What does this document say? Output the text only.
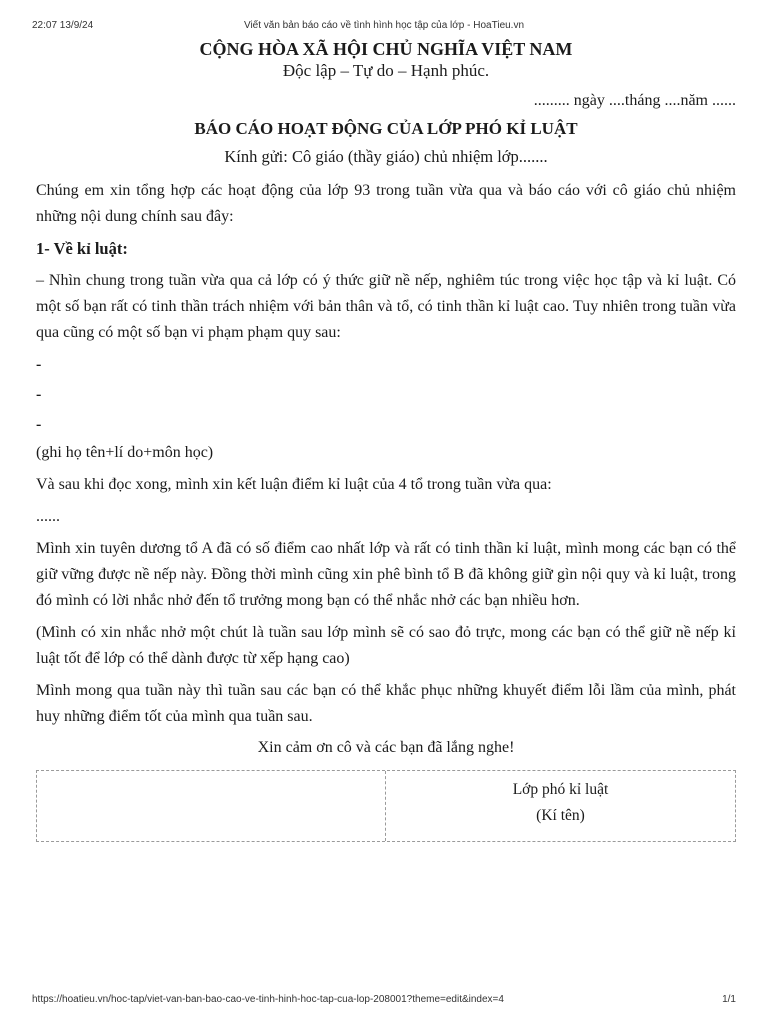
22:07 13/9/24	Viết văn bản báo cáo về tình hình học tập của lớp - HoaTieu.vn
CỘNG HÒA XÃ HỘI CHỦ NGHĨA VIỆT NAM
Độc lập – Tự do – Hạnh phúc.
......... ngày ....tháng ....năm ......
BÁO CÁO HOẠT ĐỘNG CỦA LỚP PHÓ KỈ LUẬT
Kính gửi: Cô giáo (thầy giáo) chủ nhiệm lớp.......

Chúng em xin tổng hợp các hoạt động của lớp 93 trong tuần vừa qua và báo cáo với cô giáo chủ nhiệm những nội dung chính sau đây:

1- Về kỉ luật:

– Nhìn chung trong tuần vừa qua cả lớp có ý thức giữ nề nếp, nghiêm túc trong việc học tập và kỉ luật. Có một số bạn rất có tinh thần trách nhiệm với bản thân và tổ, có tinh thần kỉ luật cao. Tuy nhiên trong tuần vừa qua cũng có một số bạn vi phạm phạm quy sau:

-
-
-

(ghi họ tên+lí do+môn học)

Và sau khi đọc xong, mình xin kết luận điểm kỉ luật của 4 tổ trong tuần vừa qua:

......

Mình xin tuyên dương tổ A đã có số điểm cao nhất lớp và rất có tinh thần kỉ luật, mình mong các bạn có thể giữ vững được nề nếp này. Đồng thời mình cũng xin phê bình tổ B đã không giữ gìn nội quy và kỉ luật, trong đó mình có lời nhắc nhở đến tổ trưởng mong bạn có thể nhắc nhở các bạn nhiều hơn.

(Mình có xin nhắc nhở một chút là tuần sau lớp mình sẽ có sao đỏ trực, mong các bạn có thể giữ nề nếp kỉ luật tốt để lớp có thể dành được từ xếp hạng cao)

Mình mong qua tuần này thì tuần sau các bạn có thể khắc phục những khuyết điểm lỗi lầm của mình, phát huy những điểm tốt của mình qua tuần sau.

Xin cảm ơn cô và các bạn đã lắng nghe!
Lớp phó kỉ luật
(Kí tên)
https://hoatieu.vn/hoc-tap/viet-van-ban-bao-cao-ve-tinh-hinh-hoc-tap-cua-lop-208001?theme=edit&index=4	1/1
